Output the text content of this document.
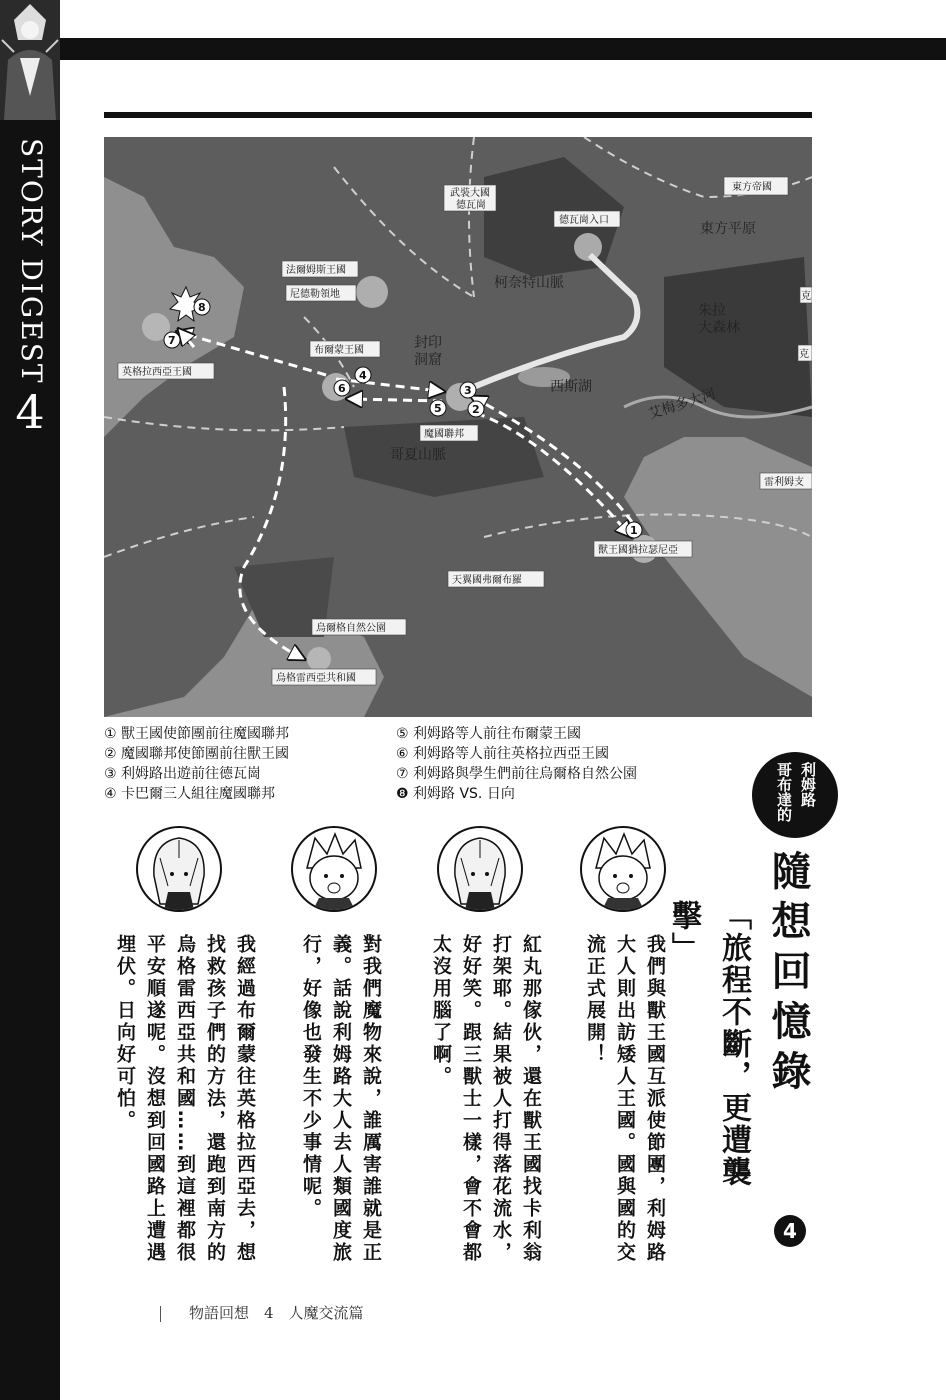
STORY DIGEST
4
1
2
3
4
5
6
7
8
東方帝國
東方平原
武裝大國
德瓦崗
德瓦崗入口
法爾姆斯王國
尼德勒領地
柯奈特山脈
朱拉大森林
布爾蒙王國	封印洞窟
西斯湖	艾梅多大河
英格拉西亞王國
魔國聯邦
哥夏山脈
獸王國猶拉瑟尼亞
天翼國弗爾布羅
烏爾格自然公園
烏格雷西亞共和國
克
克
雷利姆支
① 獸王國使節團前往魔國聯邦
② 魔國聯邦使節團前往獸王國
③ 利姆路出遊前往德瓦崗
④ 卡巴爾三人組往魔國聯邦
⑤ 利姆路等人前往布爾蒙王國
⑥ 利姆路等人前往英格拉西亞王國
⑦ 利姆路與學生們前往烏爾格自然公園
❽ 利姆路 VS. 日向	利姆路
哥布達的
隨想回憶錄
4
「旅程不斷，更遭襲擊」
我們與獸王國互派使節團，利姆路
大人則出訪矮人王國。國與國的交
流正式展開！
紅丸那傢伙，還在獸王國找卡利翁
打架耶。結果被人打得落花流水，
好好笑。跟三獸士一樣，會不會都
太沒用腦了啊。
對我們魔物來說，誰厲害誰就是正
義。話說利姆路大人去人類國度旅
行，好像也發生不少事情呢。
我經過布爾蒙往英格拉西亞去，想
找救孩子們的方法，還跑到南方的
烏格雷西亞共和國……到這裡都很
平安順遂呢。沒想到回國路上遭遇
埋伏。日向好可怕。
物語回想　4　人魔交流篇
